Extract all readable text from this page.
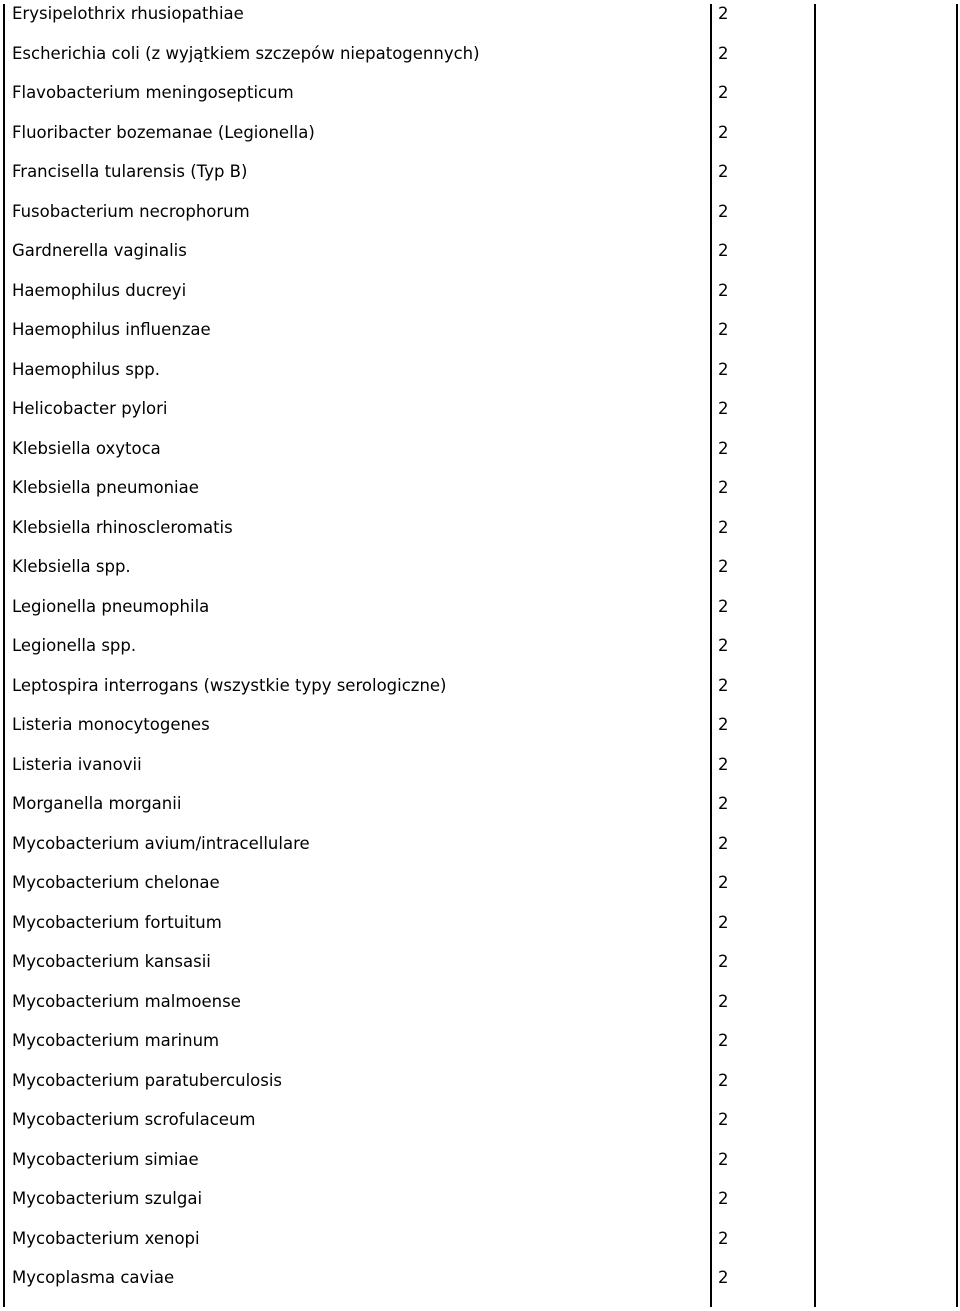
Erysipelothrix rhusiopathiae	2
Escherichia coli (z wyjątkiem szczepów niepatogennych)	2
Flavobacterium meningosepticum	2
Fluoribacter bozemanae (Legionella)	2
Francisella tularensis (Typ B)	2
Fusobacterium necrophorum	2
Gardnerella vaginalis	2
Haemophilus ducreyi	2
Haemophilus influenzae	2
Haemophilus spp.	2
Helicobacter pylori	2
Klebsiella oxytoca	2
Klebsiella pneumoniae	2
Klebsiella rhinoscleromatis	2
Klebsiella spp.	2
Legionella pneumophila	2
Legionella spp.	2
Leptospira interrogans (wszystkie typy serologiczne)	2
Listeria monocytogenes	2
Listeria ivanovii	2
Morganella morganii	2
Mycobacterium avium/intracellulare	2
Mycobacterium chelonae	2
Mycobacterium fortuitum	2
Mycobacterium kansasii	2
Mycobacterium malmoense	2
Mycobacterium marinum	2
Mycobacterium paratuberculosis	2
Mycobacterium scrofulaceum	2
Mycobacterium simiae	2
Mycobacterium szulgai	2
Mycobacterium xenopi	2
Mycoplasma caviae	2
